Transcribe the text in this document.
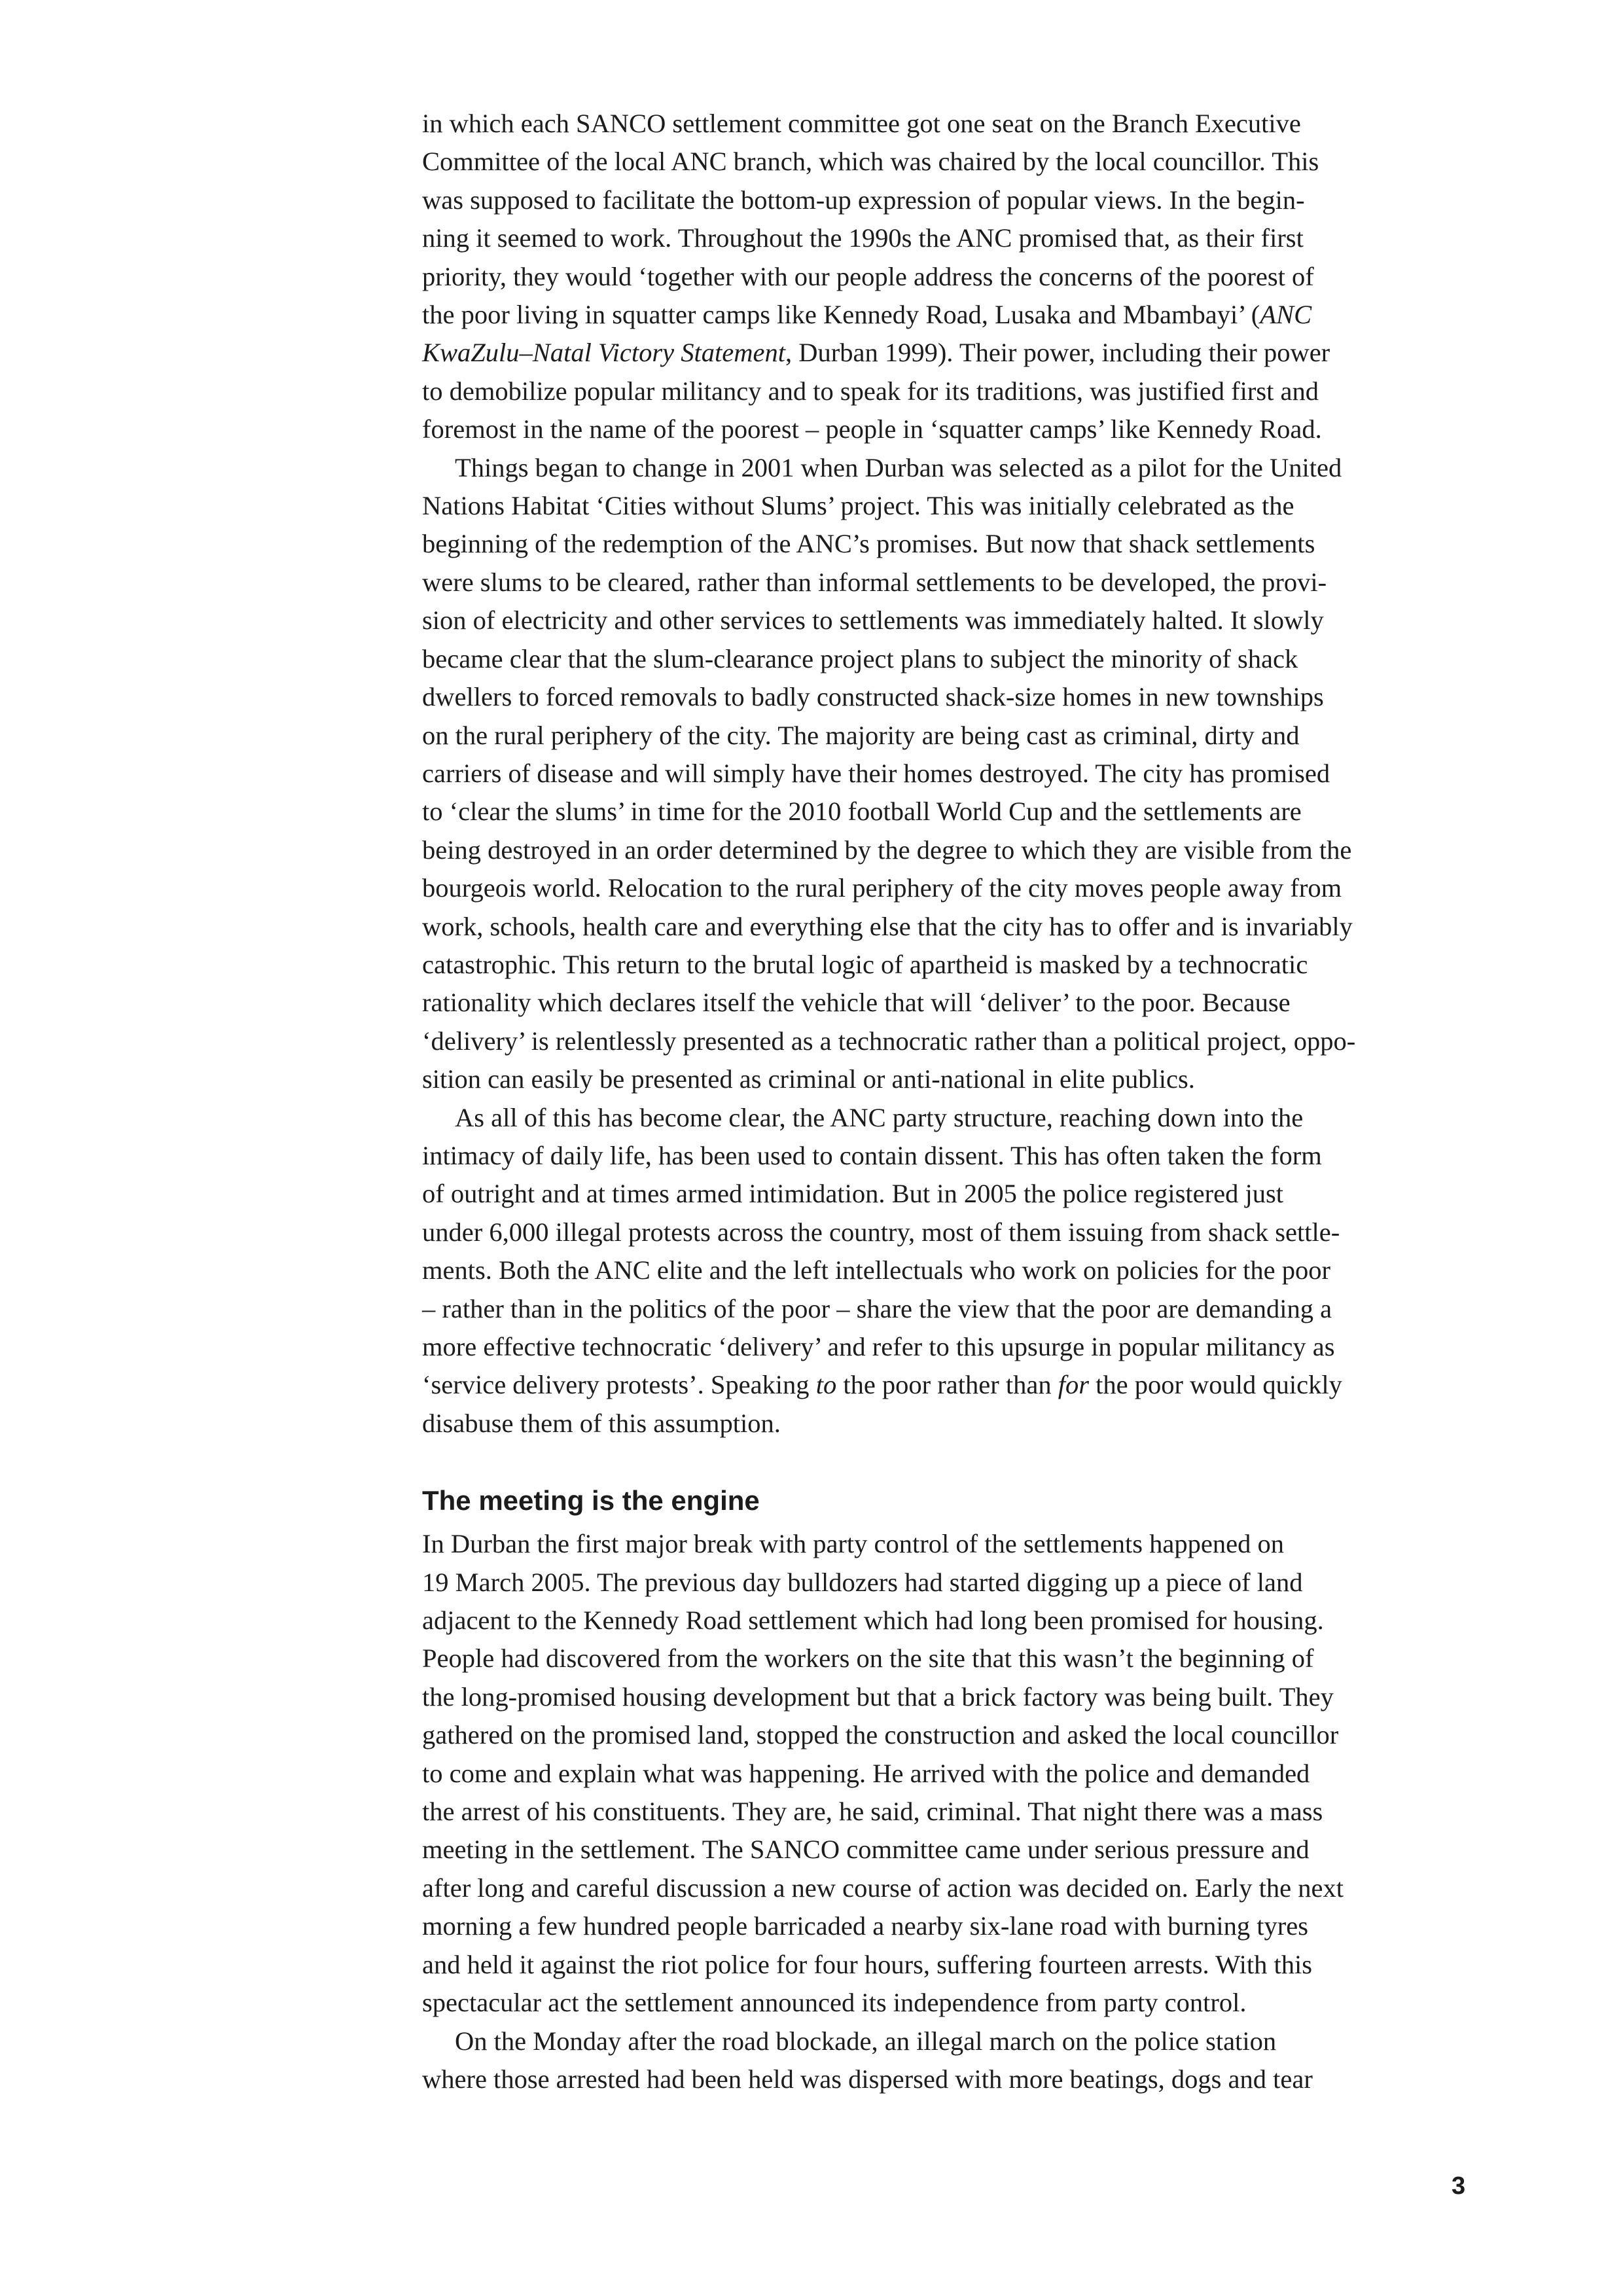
in which each SANCO settlement committee got one seat on the Branch Executive
Committee of the local ANC branch, which was chaired by the local councillor. This
was supposed to facilitate the bottom-up expression of popular views. In the begin-
ning it seemed to work. Throughout the 1990s the ANC promised that, as their first
priority, they would ‘together with our people address the concerns of the poorest of
the poor living in squatter camps like Kennedy Road, Lusaka and Mbambayi’ (ANC
KwaZulu–Natal Victory Statement, Durban 1999). Their power, including their power
to demobilize popular militancy and to speak for its traditions, was justified first and
foremost in the name of the poorest – people in ‘squatter camps’ like Kennedy Road.
Things began to change in 2001 when Durban was selected as a pilot for the United
Nations Habitat ‘Cities without Slums’ project. This was initially celebrated as the
beginning of the redemption of the ANC’s promises. But now that shack settlements
were slums to be cleared, rather than informal settlements to be developed, the provi-
sion of electricity and other services to settlements was immediately halted. It slowly
became clear that the slum-clearance project plans to subject the minority of shack
dwellers to forced removals to badly constructed shack-size homes in new townships
on the rural periphery of the city. The majority are being cast as criminal, dirty and
carriers of disease and will simply have their homes destroyed. The city has promised
to ‘clear the slums’ in time for the 2010 football World Cup and the settlements are
being destroyed in an order determined by the degree to which they are visible from the
bourgeois world. Relocation to the rural periphery of the city moves people away from
work, schools, health care and everything else that the city has to offer and is invariably
catastrophic. This return to the brutal logic of apartheid is masked by a technocratic
rationality which declares itself the vehicle that will ‘deliver’ to the poor. Because
‘delivery’ is relentlessly presented as a technocratic rather than a political project, oppo-
sition can easily be presented as criminal or anti-national in elite publics.
As all of this has become clear, the ANC party structure, reaching down into the
intimacy of daily life, has been used to contain dissent. This has often taken the form
of outright and at times armed intimidation. But in 2005 the police registered just
under 6,000 illegal protests across the country, most of them issuing from shack settle-
ments. Both the ANC elite and the left intellectuals who work on policies for the poor
– rather than in the politics of the poor – share the view that the poor are demanding a
more effective technocratic ‘delivery’ and refer to this upsurge in popular militancy as
‘service delivery protests’. Speaking to the poor rather than for the poor would quickly
disabuse them of this assumption.
The meeting is the engine
In Durban the first major break with party control of the settlements happened on
19 March 2005. The previous day bulldozers had started digging up a piece of land
adjacent to the Kennedy Road settlement which had long been promised for housing.
People had discovered from the workers on the site that this wasn’t the beginning of
the long-promised housing development but that a brick factory was being built. They
gathered on the promised land, stopped the construction and asked the local councillor
to come and explain what was happening. He arrived with the police and demanded
the arrest of his constituents. They are, he said, criminal. That night there was a mass
meeting in the settlement. The SANCO committee came under serious pressure and
after long and careful discussion a new course of action was decided on. Early the next
morning a few hundred people barricaded a nearby six-lane road with burning tyres
and held it against the riot police for four hours, suffering fourteen arrests. With this
spectacular act the settlement announced its independence from party control.
On the Monday after the road blockade, an illegal march on the police station
where those arrested had been held was dispersed with more beatings, dogs and tear
3
